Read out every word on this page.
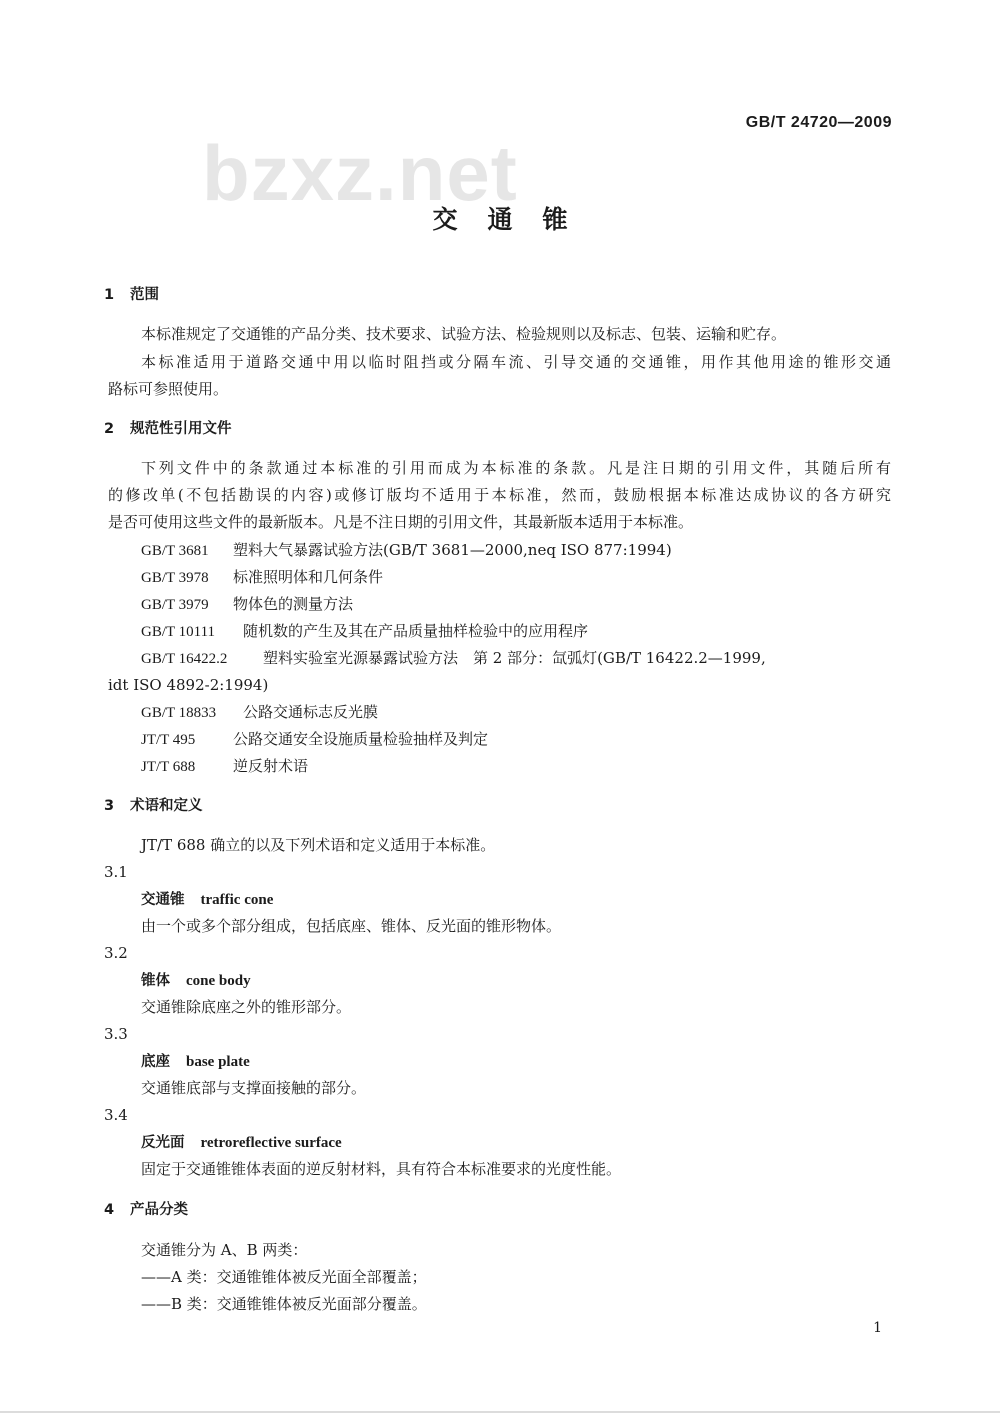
bzxz.net
GB/T 24720—2009
交通锥
1 范围
本标准规定了交通锥的产品分类、技术要求、试验方法、检验规则以及标志、包装、运输和贮存。
本标准适用于道路交通中用以临时阻挡或分隔车流、引导交通的交通锥，用作其他用途的锥形交通
路标可参照使用。
2 规范性引用文件
下列文件中的条款通过本标准的引用而成为本标准的条款。凡是注日期的引用文件，其随后所有
的修改单(不包括勘误的内容)或修订版均不适用于本标准，然而，鼓励根据本标准达成协议的各方研究
是否可使用这些文件的最新版本。凡是不注日期的引用文件，其最新版本适用于本标准。
GB/T 3681 塑料大气暴露试验方法(GB/T 3681—2000,neq ISO 877:1994)
GB/T 3978 标准照明体和几何条件
GB/T 3979 物体色的测量方法
GB/T 10111 随机数的产生及其在产品质量抽样检验中的应用程序
GB/T 16422.2 塑料实验室光源暴露试验方法　第 2 部分：氙弧灯(GB/T 16422.2—1999,
idt ISO 4892-2:1994)
GB/T 18833 公路交通标志反光膜
JT/T 495	公路交通安全设施质量检验抽样及判定
JT/T 688	逆反射术语
3 术语和定义
JT/T 688 确立的以及下列术语和定义适用于本标准。
3.1
交通锥 traffic cone
由一个或多个部分组成，包括底座、锥体、反光面的锥形物体。
3.2
锥体 cone body
交通锥除底座之外的锥形部分。
3.3
底座 base plate
交通锥底部与支撑面接触的部分。
3.4
反光面 retroreflective surface
固定于交通锥锥体表面的逆反射材料，具有符合本标准要求的光度性能。
4 产品分类
交通锥分为 A、B 两类：
——A 类：交通锥锥体被反光面全部覆盖；
——B 类：交通锥锥体被反光面部分覆盖。
1
